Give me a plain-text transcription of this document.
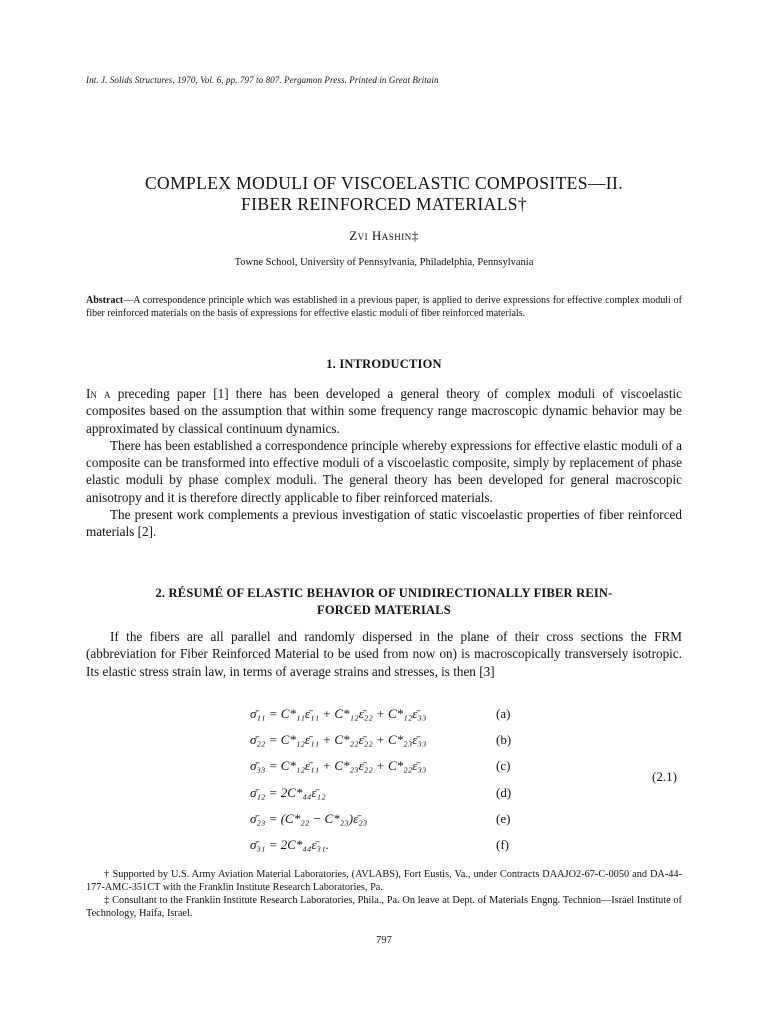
Int. J. Solids Structures, 1970, Vol. 6, pp. 797 to 807. Pergamon Press. Printed in Great Britain
COMPLEX MODULI OF VISCOELASTIC COMPOSITES—II.
FIBER REINFORCED MATERIALS†
Zvi Hashin‡
Towne School, University of Pennsylvania, Philadelphia, Pennsylvania
Abstract—A correspondence principle which was established in a previous paper, is applied to derive expressions for effective complex moduli of fiber reinforced materials on the basis of expressions for effective elastic moduli of fiber reinforced materials.
1. INTRODUCTION

In a preceding paper [1] there has been developed a general theory of complex moduli of viscoelastic composites based on the assumption that within some frequency range macroscopic dynamic behavior may be approximated by classical continuum dynamics.

There has been established a correspondence principle whereby expressions for effective elastic moduli of a composite can be transformed into effective moduli of a viscoelastic composite, simply by replacement of phase elastic moduli by phase complex moduli. The general theory has been developed for general macroscopic anisotropy and it is therefore directly applicable to fiber reinforced materials.

The present work complements a previous investigation of static viscoelastic properties of fiber reinforced materials [2].

2. RÉSUMÉ OF ELASTIC BEHAVIOR OF UNIDIRECTIONALLY FIBER REIN-
FORCED MATERIALS

If the fibers are all parallel and randomly dispersed in the plane of their cross sections the FRM (abbreviation for Fiber Reinforced Material to be used from now on) is macroscopically transversely isotropic. Its elastic stress strain law, in terms of average strains and stresses, is then [3]

σ̄₁₁ = C*₁₁ε̄₁₁ + C*₁₂ε̄₂₂ + C*₁₂ε̄₃₃	(a)
σ̄₂₂ = C*₁₂ε̄₁₁ + C*₂₂ε̄₂₂ + C*₂₃ε̄₃₃	(b)
σ̄₃₃ = C*₁₂ε̄₁₁ + C*₂₃ε̄₂₂ + C*₂₂ε̄₃₃	(c)
σ̄₁₂ = 2C*₄₄ε̄₁₂	(d)
σ̄₂₃ = (C*₂₂ − C*₂₃)ε̄₂₃	(e)
σ̄₃₁ = 2C*₄₄ε̄₃₁.	(f)
(2.1)

† Supported by U.S. Army Aviation Material Laboratories, (AVLABS), Fort Eustis, Va., under Contracts DAAJO2-67-C-0050 and DA-44-177-AMC-351CT with the Franklin Institute Research Laboratories, Pa.

‡ Consultant to the Franklin Institute Research Laboratories, Phila., Pa. On leave at Dept. of Materials Engng. Technion—Israel Institute of Technology, Haifa, Israel.

797
